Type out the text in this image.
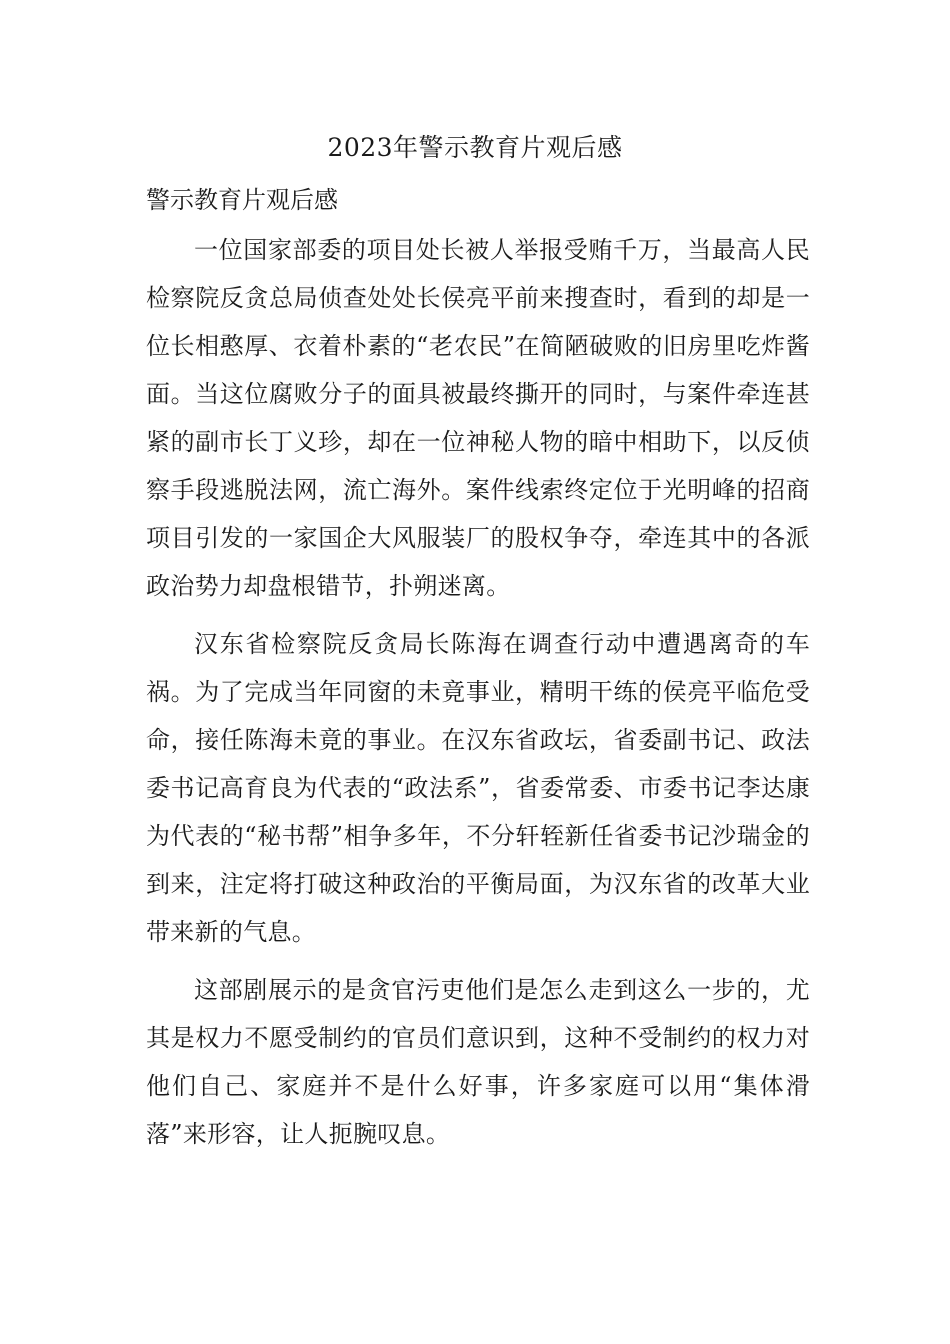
2023年警示教育片观后感
警示教育片观后感

一位国家部委的项目处长被人举报受贿千万，当最高人民检察院反贪总局侦查处处长侯亮平前来搜查时，看到的却是一位长相憨厚、衣着朴素的“老农民”在简陋破败的旧房里吃炸酱面。当这位腐败分子的面具被最终撕开的同时，与案件牵连甚紧的副市长丁义珍，却在一位神秘人物的暗中相助下，以反侦察手段逃脱法网，流亡海外。案件线索终定位于光明峰的招商项目引发的一家国企大风服装厂的股权争夺，牵连其中的各派政治势力却盘根错节，扑朔迷离。

汉东省检察院反贪局长陈海在调查行动中遭遇离奇的车祸。为了完成当年同窗的未竟事业，精明干练的侯亮平临危受命，接任陈海未竟的事业。在汉东省政坛，省委副书记、政法委书记高育良为代表的“政法系”，省委常委、市委书记李达康为代表的“秘书帮”相争多年，不分轩轾新任省委书记沙瑞金的到来，注定将打破这种政治的平衡局面，为汉东省的改革大业带来新的气息。

这部剧展示的是贪官污吏他们是怎么走到这么一步的，尤其是权力不愿受制约的官员们意识到，这种不受制约的权力对他们自己、家庭并不是什么好事，许多家庭可以用“集体滑落”来形容，让人扼腕叹息。
